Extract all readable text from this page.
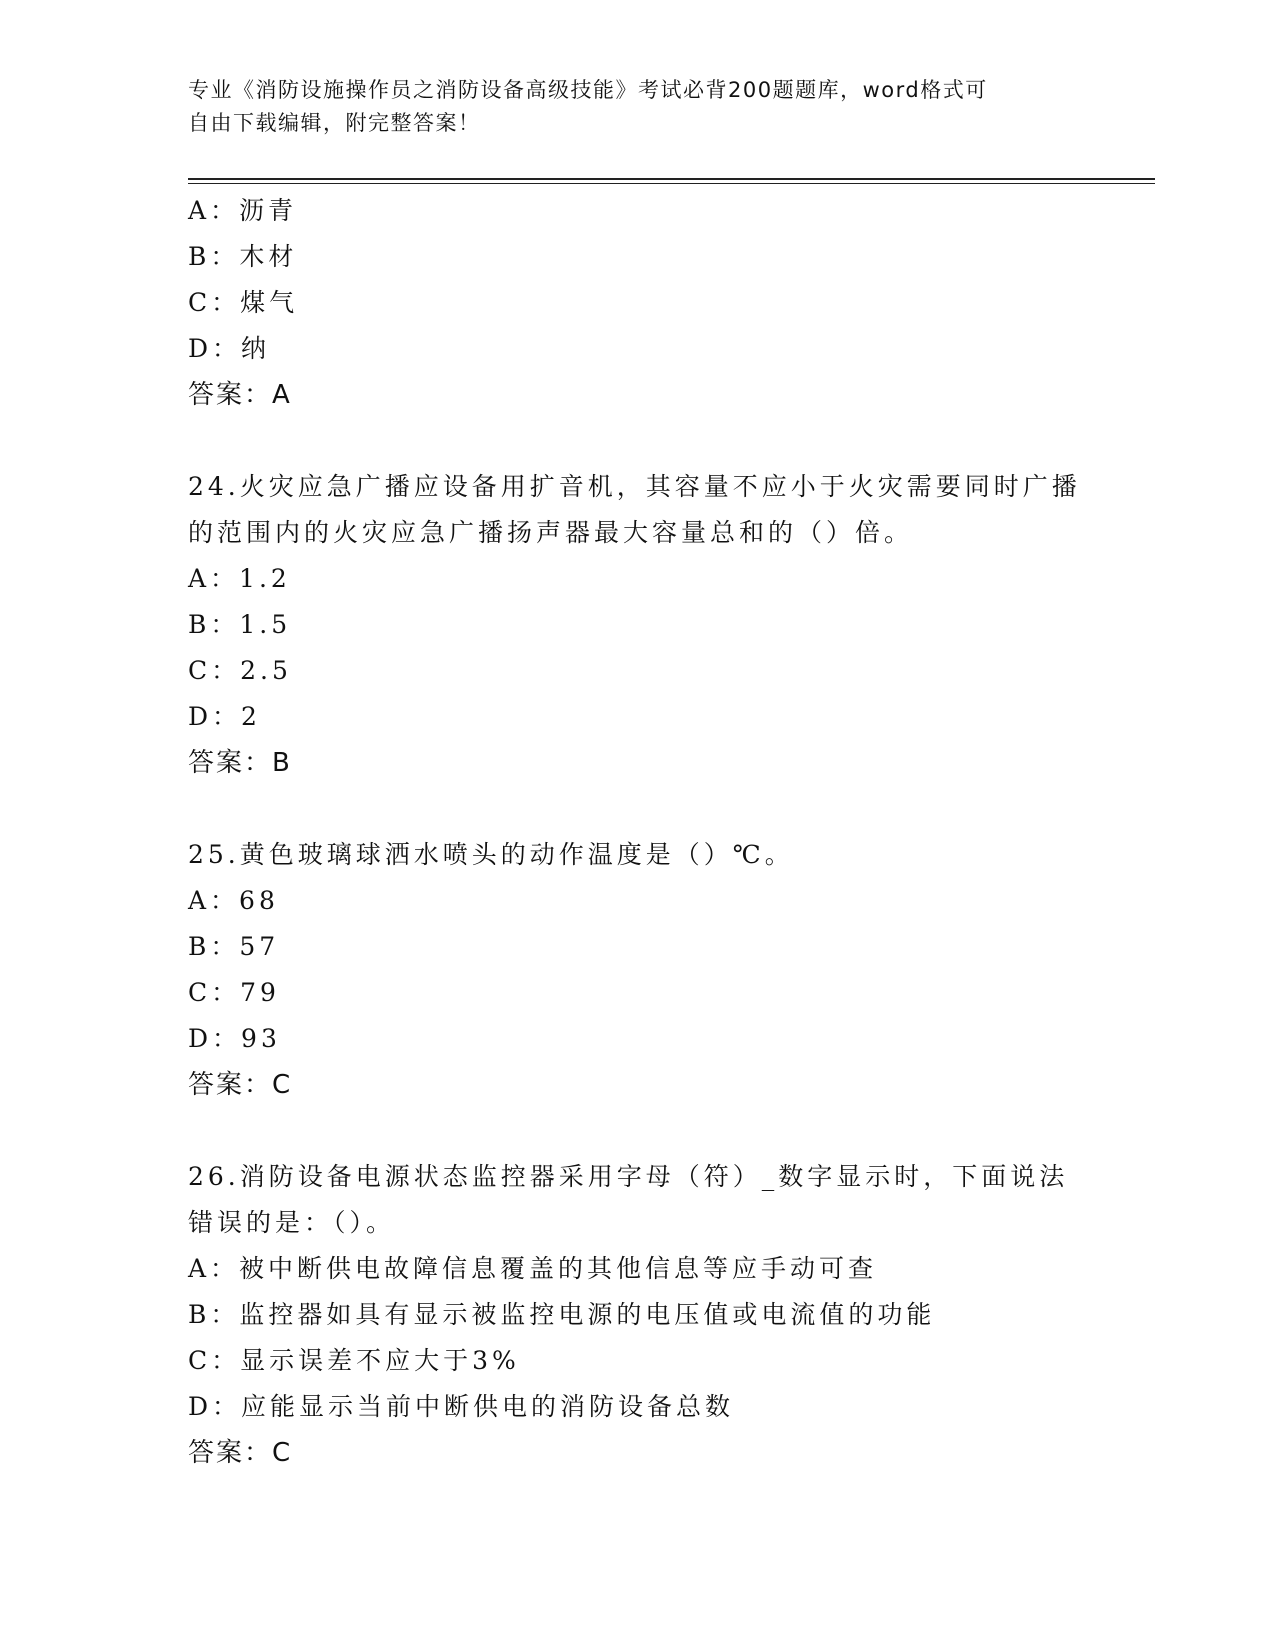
专业《消防设施操作员之消防设备高级技能》考试必背200题题库，word格式可
自由下载编辑，附完整答案！
A：沥青
B：木材
C：煤气
D：纳
答案：A
24.火灾应急广播应设备用扩音机，其容量不应小于火灾需要同时广播
的范围内的火灾应急广播扬声器最大容量总和的（）倍。
A：1.2
B：1.5
C：2.5
D：2
答案：B
25.黄色玻璃球洒水喷头的动作温度是（）℃。
A：68
B：57
C：79
D：93
答案：C
26.消防设备电源状态监控器采用字母（符）_数字显示时，下面说法
错误的是：（）。
A：被中断供电故障信息覆盖的其他信息等应手动可查
B：监控器如具有显示被监控电源的电压值或电流值的功能
C：显示误差不应大于3%
D：应能显示当前中断供电的消防设备总数
答案：C
